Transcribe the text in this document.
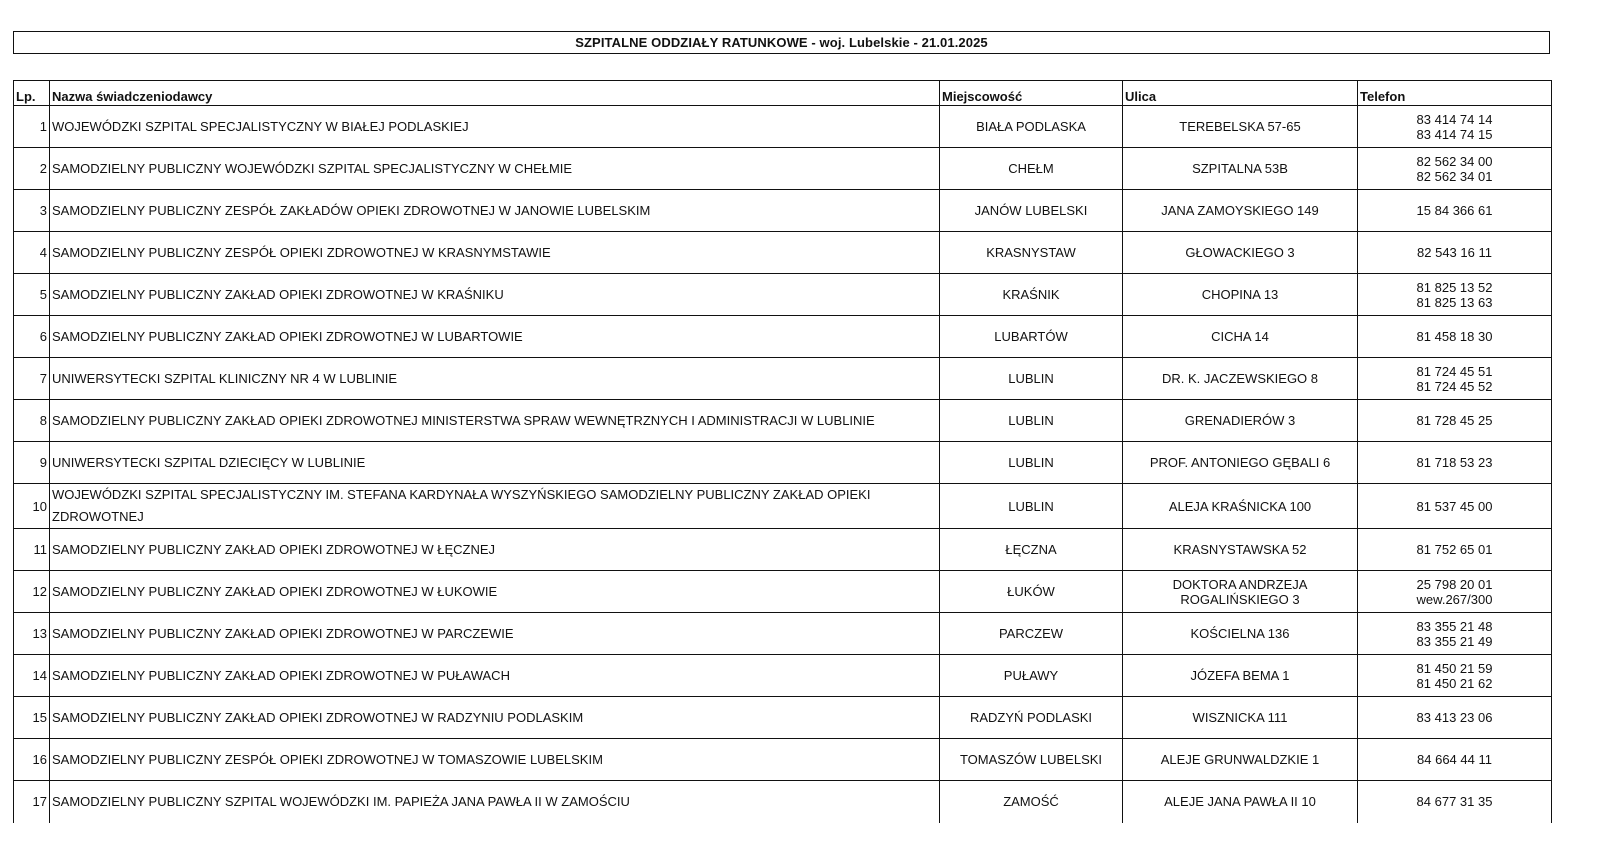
SZPITALNE ODDZIAŁY RATUNKOWE - woj. Lubelskie - 21.01.2025
Lp.	Nazwa świadczeniodawcy	Miejscowość	Ulica	Telefon
1	WOJEWÓDZKI SZPITAL SPECJALISTYCZNY W BIAŁEJ PODLASKIEJ	BIAŁA PODLASKA	TEREBELSKA 57-65	83 414 74 14
83 414 74 15

2	SAMODZIELNY PUBLICZNY WOJEWÓDZKI SZPITAL SPECJALISTYCZNY W CHEŁMIE	CHEŁM	SZPITALNA 53B	82 562 34 00
82 562 34 01

3	SAMODZIELNY PUBLICZNY ZESPÓŁ ZAKŁADÓW OPIEKI ZDROWOTNEJ W JANOWIE LUBELSKIM	JANÓW LUBELSKI	JANA ZAMOYSKIEGO 149	15 84 366 61

4	SAMODZIELNY PUBLICZNY ZESPÓŁ OPIEKI ZDROWOTNEJ W KRASNYMSTAWIE	KRASNYSTAW	GŁOWACKIEGO 3	82 543 16 11

5	SAMODZIELNY PUBLICZNY ZAKŁAD OPIEKI ZDROWOTNEJ W KRAŚNIKU	KRAŚNIK	CHOPINA 13	81 825 13 52
81 825 13 63

6	SAMODZIELNY PUBLICZNY ZAKŁAD OPIEKI ZDROWOTNEJ W LUBARTOWIE	LUBARTÓW	CICHA 14	81 458 18 30

7	UNIWERSYTECKI SZPITAL KLINICZNY NR 4 W LUBLINIE	LUBLIN	DR. K. JACZEWSKIEGO 8	81 724 45 51
81 724 45 52

8	SAMODZIELNY PUBLICZNY ZAKŁAD OPIEKI ZDROWOTNEJ MINISTERSTWA SPRAW WEWNĘTRZNYCH I ADMINISTRACJI W LUBLINIE	LUBLIN	GRENADIERÓW 3	81 728 45 25

9	UNIWERSYTECKI SZPITAL DZIECIĘCY W LUBLINIE	LUBLIN	PROF. ANTONIEGO GĘBALI 6	81 718 53 23

10	WOJEWÓDZKI SZPITAL SPECJALISTYCZNY IM. STEFANA KARDYNAŁA WYSZYŃSKIEGO SAMODZIELNY PUBLICZNY ZAKŁAD OPIEKI ZDROWOTNEJ	LUBLIN	ALEJA KRAŚNICKA 100	81 537 45 00

11	SAMODZIELNY PUBLICZNY ZAKŁAD OPIEKI ZDROWOTNEJ W ŁĘCZNEJ	ŁĘCZNA	KRASNYSTAWSKA 52	81 752 65 01

12	SAMODZIELNY PUBLICZNY ZAKŁAD OPIEKI ZDROWOTNEJ W ŁUKOWIE	ŁUKÓW	DOKTORA ANDRZEJA
ROGALIŃSKIEGO 3	25 798 20 01
wew.267/300

13	SAMODZIELNY PUBLICZNY ZAKŁAD OPIEKI ZDROWOTNEJ W PARCZEWIE	PARCZEW	KOŚCIELNA 136	83 355 21 48
83 355 21 49

14	SAMODZIELNY PUBLICZNY ZAKŁAD OPIEKI ZDROWOTNEJ W PUŁAWACH	PUŁAWY	JÓZEFA BEMA 1	81 450 21 59
81 450 21 62

15	SAMODZIELNY PUBLICZNY ZAKŁAD OPIEKI ZDROWOTNEJ W RADZYNIU PODLASKIM	RADZYŃ PODLASKI	WISZNICKA 111	83 413 23 06

16	SAMODZIELNY PUBLICZNY ZESPÓŁ OPIEKI ZDROWOTNEJ W TOMASZOWIE LUBELSKIM	TOMASZÓW LUBELSKI	ALEJE GRUNWALDZKIE 1	84 664 44 11

17	SAMODZIELNY PUBLICZNY SZPITAL WOJEWÓDZKI IM. PAPIEŻA JANA PAWŁA II W ZAMOŚCIU	ZAMOŚĆ	ALEJE JANA PAWŁA II 10	84 677 31 35
